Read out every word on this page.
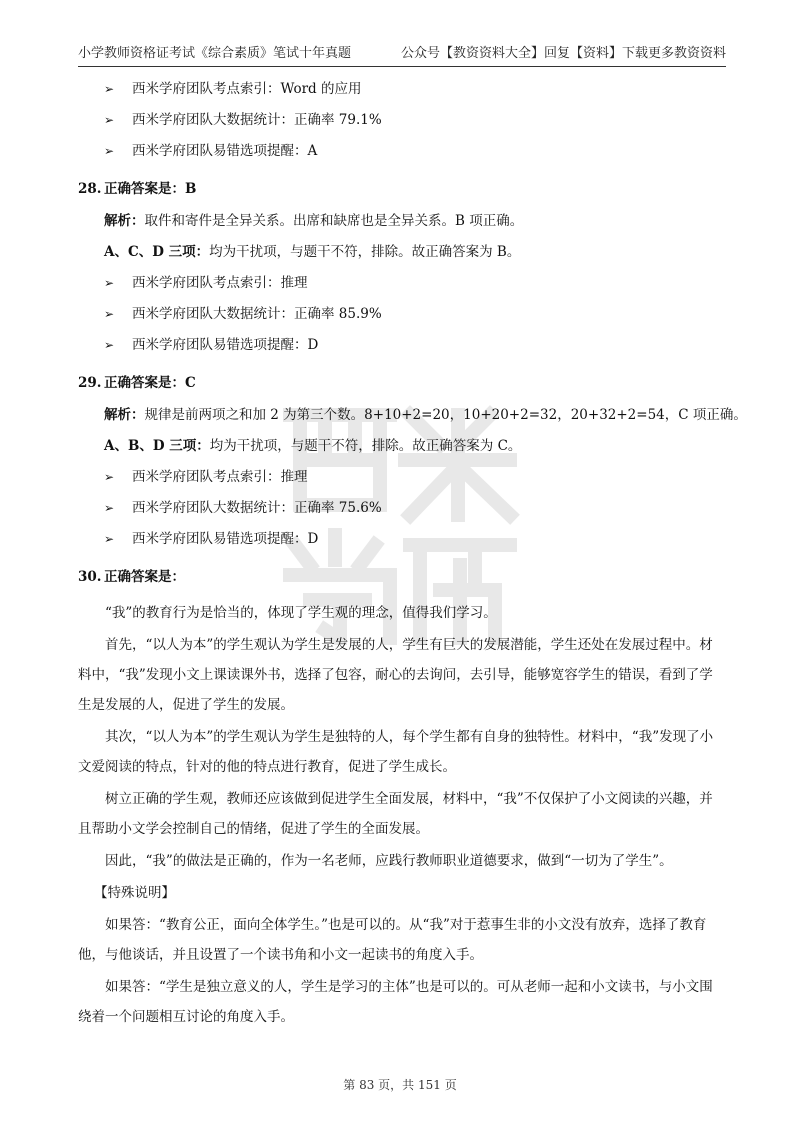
小学教师资格证考试《综合素质》笔试十年真题	公众号【教资资料大全】回复【资料】下载更多教资资料
➢ 西米学府团队考点索引：Word 的应用
➢ 西米学府团队大数据统计：正确率 79.1%
➢ 西米学府团队易错选项提醒：A
28. 正确答案是：B
解析：取件和寄件是全异关系。出席和缺席也是全异关系。B 项正确。
A、C、D 三项：均为干扰项，与题干不符，排除。故正确答案为 B。
➢ 西米学府团队考点索引：推理
➢ 西米学府团队大数据统计：正确率 85.9%
➢ 西米学府团队易错选项提醒：D
29. 正确答案是：C
解析：规律是前两项之和加 2 为第三个数。8+10+2=20，10+20+2=32，20+32+2=54，C 项正确。
A、B、D 三项：均为干扰项，与题干不符，排除。故正确答案为 C。
➢ 西米学府团队考点索引：推理
➢ 西米学府团队大数据统计：正确率 75.6%
➢ 西米学府团队易错选项提醒：D
30. 正确答案是：

“我”的教育行为是恰当的，体现了学生观的理念，值得我们学习。

首先，“以人为本”的学生观认为学生是发展的人，学生有巨大的发展潜能，学生还处在发展过程中。材料中，“我”发现小文上课读课外书，选择了包容，耐心的去询问，去引导，能够宽容学生的错误，看到了学生是发展的人，促进了学生的发展。

其次，“以人为本”的学生观认为学生是独特的人，每个学生都有自身的独特性。材料中，“我”发现了小文爱阅读的特点，针对的他的特点进行教育，促进了学生成长。

树立正确的学生观，教师还应该做到促进学生全面发展，材料中，“我”不仅保护了小文阅读的兴趣，并且帮助小文学会控制自己的情绪，促进了学生的全面发展。

因此，“我”的做法是正确的，作为一名老师，应践行教师职业道德要求，做到“一切为了学生”。

【特殊说明】

如果答：“教育公正，面向全体学生。”也是可以的。从“我”对于惹事生非的小文没有放弃，选择了教育他，与他谈话，并且设置了一个读书角和小文一起读书的角度入手。

如果答：“学生是独立意义的人，学生是学习的主体”也是可以的。可从老师一起和小文读书，与小文围绕着一个问题相互讨论的角度入手。

第 83 页，共 151 页
